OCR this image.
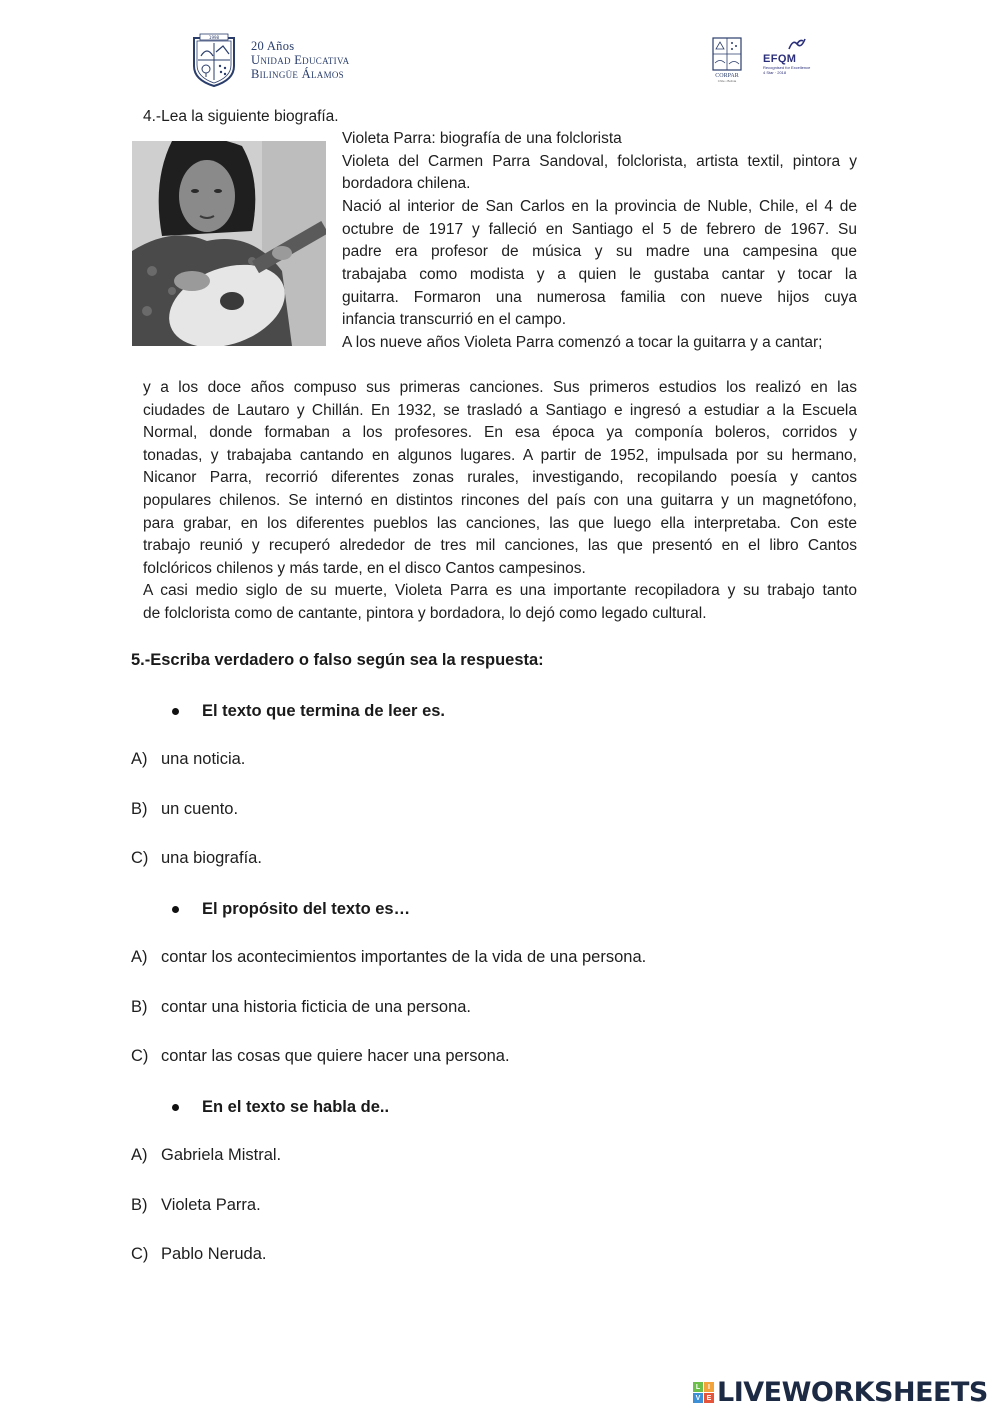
1998
20 Años
Unidad Educativa
Bilingüe Álamos	CORPAR
Chile • Bolivia
EFQM
Recognised for Excellence
4 Star · 2018
4.-Lea la siguiente biografía.
Violeta Parra: biografía de una folclorista
Violeta del Carmen Parra Sandoval, folclorista, artista textil, pintora y
bordadora chilena.
Nació al interior de San Carlos en la provincia de Nuble, Chile, el 4 de
octubre de 1917 y falleció en Santiago el 5 de febrero de 1967. Su
padre era profesor de música y su madre una campesina que
trabajaba como modista y a quien le gustaba cantar y tocar la
guitarra. Formaron una numerosa familia con nueve hijos cuya
infancia transcurrió en el campo.
A los nueve años Violeta Parra comenzó a tocar la guitarra y a cantar;
y a los doce años compuso sus primeras canciones. Sus primeros estudios los realizó en las
ciudades de Lautaro y Chillán. En 1932, se trasladó a Santiago e ingresó a estudiar a la Escuela
Normal, donde formaban a los profesores. En esa época ya componía boleros, corridos y
tonadas, y trabajaba cantando en algunos lugares. A partir de 1952, impulsada por su hermano,
Nicanor Parra, recorrió diferentes zonas rurales, investigando, recopilando poesía y cantos
populares chilenos. Se internó en distintos rincones del país con una guitarra y un magnetófono,
para grabar, en los diferentes pueblos las canciones, las que luego ella interpretaba. Con este
trabajo reunió y recuperó alrededor de tres mil canciones, las que presentó en el libro Cantos
folclóricos chilenos y más tarde, en el disco Cantos campesinos.
A casi medio siglo de su muerte, Violeta Parra es una importante recopiladora y su trabajo tanto
de folclorista como de cantante, pintora y bordadora, lo dejó como legado cultural.
5.-Escriba verdadero o falso según sea la respuesta:
El texto que termina de leer es.
A) una noticia.
B) un cuento.
C) una biografía.
El propósito del texto es…
A) contar los acontecimientos importantes de la vida de una persona.
B) contar una historia ficticia de una persona.
C) contar las cosas que quiere hacer una persona.
En el texto se habla de..
A) Gabriela Mistral.
B) Violeta Parra.
C) Pablo Neruda.
L	I
V E LIVEWORKSHEETS
